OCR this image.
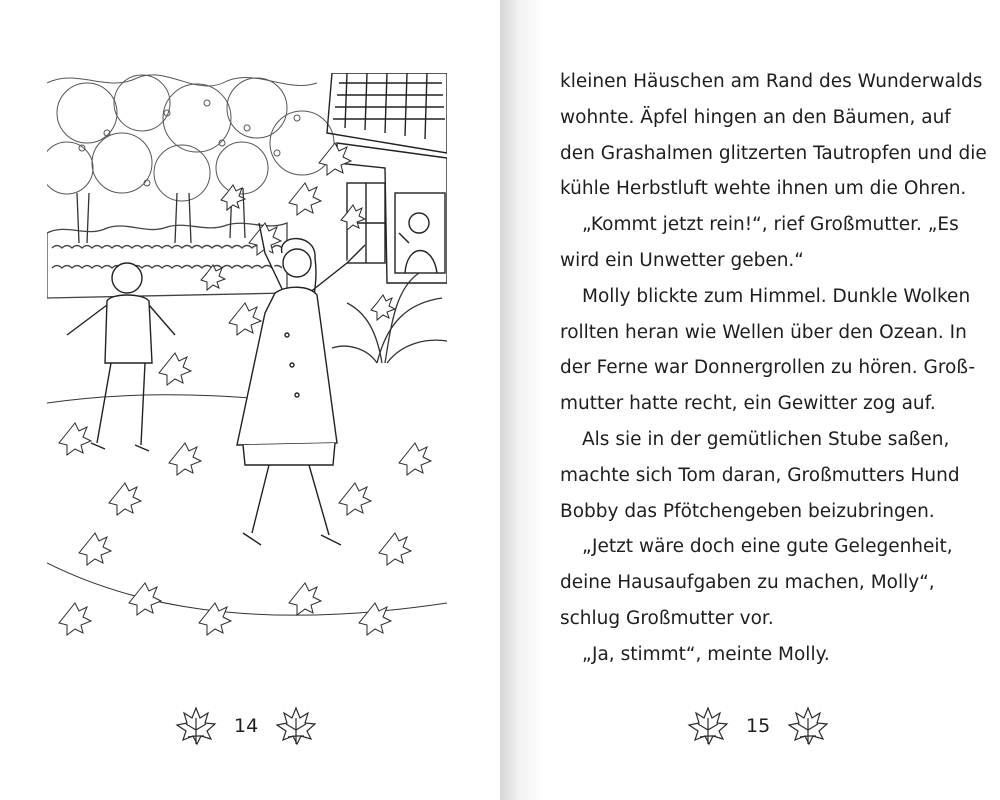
14

kleinen Häuschen am Rand des Wunderwalds

wohnte. Äpfel hingen an den Bäumen, auf

den Grashalmen glitzerten Tautropfen und die

kühle Herbstluft wehte ihnen um die Ohren.

„Kommt jetzt rein!“, rief Großmutter. „Es

wird ein Unwetter geben.“

Molly blickte zum Himmel. Dunkle Wolken

rollten heran wie Wellen über den Ozean. In

der Ferne war Donnergrollen zu hören. Groß-

mutter hatte recht, ein Gewitter zog auf.

Als sie in der gemütlichen Stube saßen,

machte sich Tom daran, Großmutters Hund

Bobby das Pfötchengeben beizubringen.

„Jetzt wäre doch eine gute Gelegenheit,

deine Hausaufgaben zu machen, Molly“,

schlug Großmutter vor.

„Ja, stimmt“, meinte Molly.

15
